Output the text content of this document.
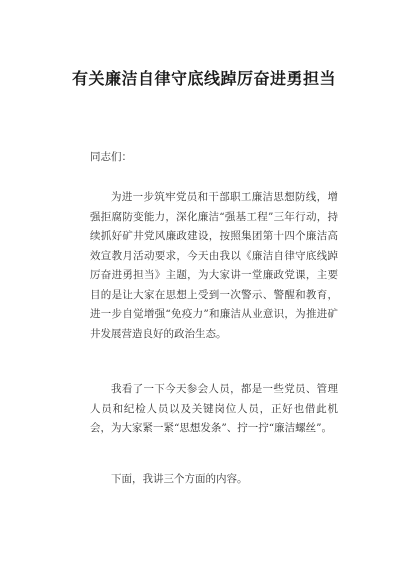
有关廉洁自律守底线踔厉奋进勇担当

同志们：

为进一步筑牢党员和干部职工廉洁思想防线，增强拒腐防变能力，深化廉洁“强基工程”三年行动，持续抓好矿井党风廉政建设，按照集团第十四个廉洁高效宣教月活动要求，今天由我以《廉洁自律守底线踔厉奋进勇担当》主题，为大家讲一堂廉政党课，主要目的是让大家在思想上受到一次警示、警醒和教育，进一步自觉增强“免疫力”和廉洁从业意识，为推进矿井发展营造良好的政治生态。

我看了一下今天参会人员，都是一些党员、管理人员和纪检人员以及关键岗位人员，正好也借此机会，为大家紧一紧“思想发条”、拧一拧“廉洁螺丝”。

下面，我讲三个方面的内容。
